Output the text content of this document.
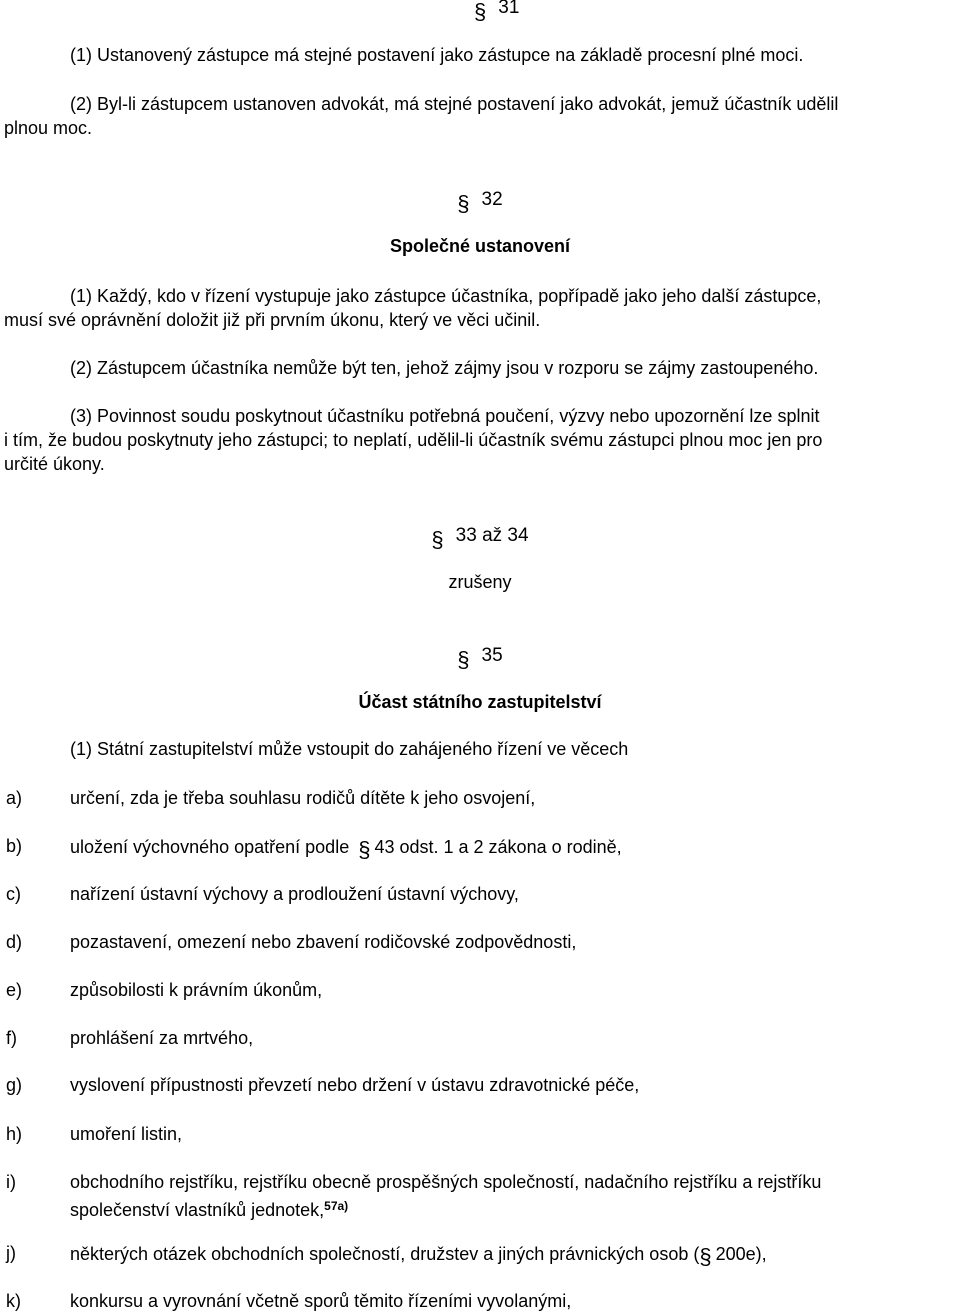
§ 31
(1) Ustanovený zástupce má stejné postavení jako zástupce na základě procesní plné moci.
(2) Byl-li zástupcem ustanoven advokát, má stejné postavení jako advokát, jemuž účastník udělil
plnou moc.
§ 32
Společné ustanovení
(1) Každý, kdo v řízení vystupuje jako zástupce účastníka, popřípadě jako jeho další zástupce,
musí své oprávnění doložit již při prvním úkonu, který ve věci učinil.
(2) Zástupcem účastníka nemůže být ten, jehož zájmy jsou v rozporu se zájmy zastoupeného.
(3) Povinnost soudu poskytnout účastníku potřebná poučení, výzvy nebo upozornění lze splnit
i tím, že budou poskytnuty jeho zástupci; to neplatí, udělil-li účastník svému zástupci plnou moc jen pro
určité úkony.
§ 33 až 34
zrušeny
§ 35
Účast státního zastupitelství
(1) Státní zastupitelství může vstoupit do zahájeného řízení ve věcech
a)	určení, zda je třeba souhlasu rodičů dítěte k jeho osvojení,
b)	uložení výchovného opatření podle § 43 odst. 1 a 2 zákona o rodině,
c)	nařízení ústavní výchovy a prodloužení ústavní výchovy,
d)	pozastavení, omezení nebo zbavení rodičovské zodpovědnosti,
e)	způsobilosti k právním úkonům,
f)	prohlášení za mrtvého,
g)	vyslovení přípustnosti převzetí nebo držení v ústavu zdravotnické péče,
h)	umoření listin,
i)	obchodního rejstříku, rejstříku obecně prospěšných společností, nadačního rejstříku a rejstříku
společenství vlastníků jednotek,$^{57a)}$
j)	některých otázek obchodních společností, družstev a jiných právnických osob (§ 200e),
k)	konkursu a vyrovnání včetně sporů těmito řízeními vyvolanými,
